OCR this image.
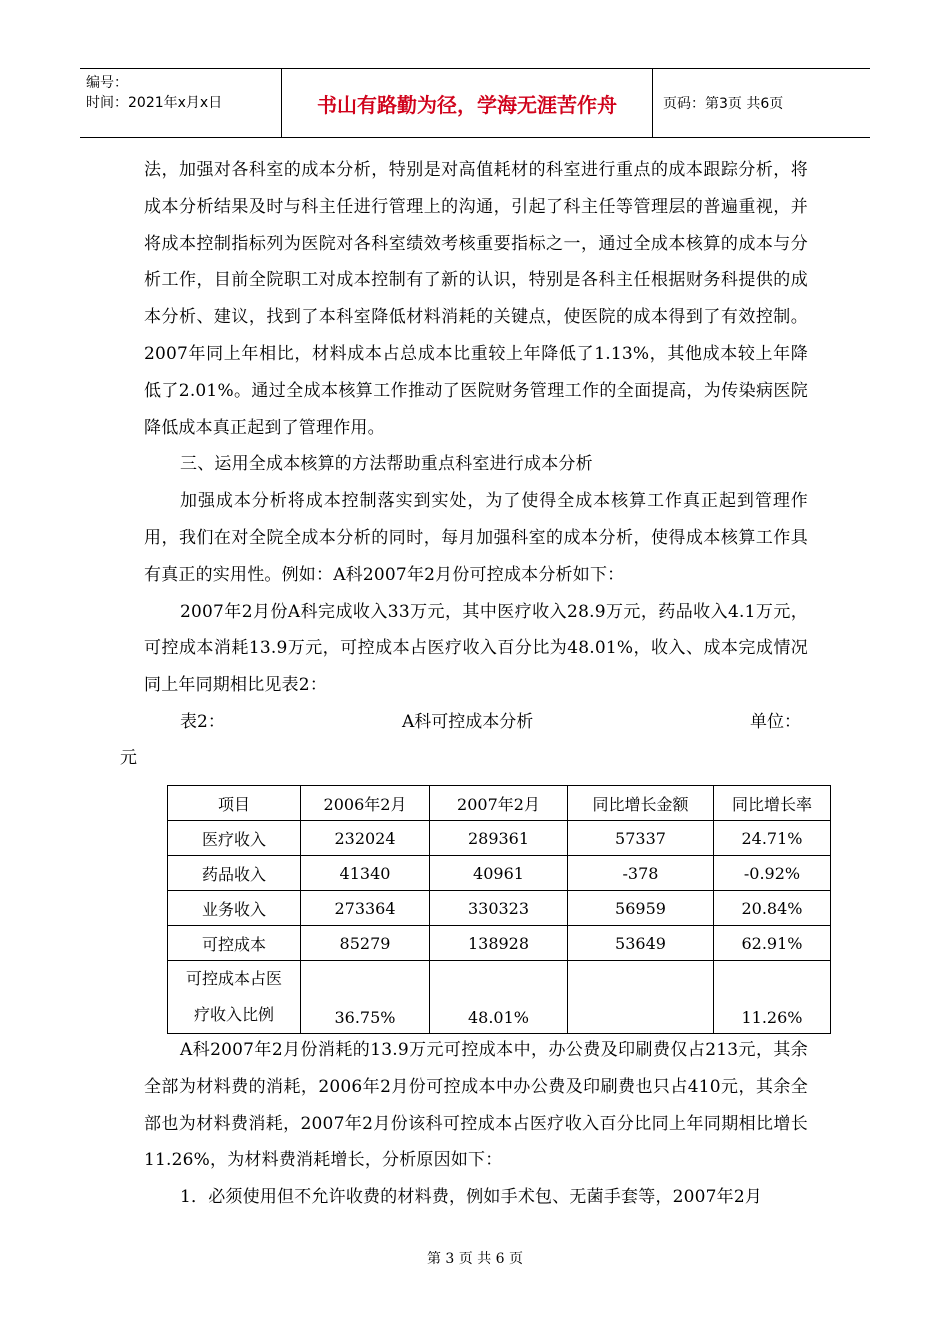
编号：
时间：2021年x月x日	书山有路勤为径，学海无涯苦作舟	页码：第3页 共6页

法，加强对各科室的成本分析，特别是对高值耗材的科室进行重点的成本跟踪分析，将成本分析结果及时与科主任进行管理上的沟通，引起了科主任等管理层的普遍重视，并将成本控制指标列为医院对各科室绩效考核重要指标之一，通过全成本核算的成本与分析工作，目前全院职工对成本控制有了新的认识，特别是各科主任根据财务科提供的成本分析、建议，找到了本科室降低材料消耗的关键点，使医院的成本得到了有效控制。2007年同上年相比，材料成本占总成本比重较上年降低了1.13%，其他成本较上年降低了2.01%。通过全成本核算工作推动了医院财务管理工作的全面提高，为传染病医院降低成本真正起到了管理作用。

三、运用全成本核算的方法帮助重点科室进行成本分析

加强成本分析将成本控制落实到实处，为了使得全成本核算工作真正起到管理作用，我们在对全院全成本分析的同时，每月加强科室的成本分析，使得成本核算工作具有真正的实用性。例如：A科2007年2月份可控成本分析如下：

2007年2月份A科完成收入33万元，其中医疗收入28.9万元，药品收入4.1万元，可控成本消耗13.9万元，可控成本占医疗收入百分比为48.01%，收入、成本完成情况同上年同期相比见表2：

表2：	A科可控成本分析	单位：

元

项目	2006年2月	2007年2月	同比增长金额	同比增长率
医疗收入	232024	289361	57337	24.71%
药品收入	41340	40961	-378	-0.92%
业务收入	273364	330323	56959	20.84%
可控成本	85279	138928	53649	62.91%

可控成本占医
疗收入比例	36.75%	48.01%		11.26%

A科2007年2月份消耗的13.9万元可控成本中，办公费及印刷费仅占213元，其余全部为材料费的消耗，2006年2月份可控成本中办公费及印刷费也只占410元，其余全部也为材料费消耗，2007年2月份该科可控成本占医疗收入百分比同上年同期相比增长11.26%，为材料费消耗增长，分析原因如下：

1．必须使用但不允许收费的材料费，例如手术包、无菌手套等，2007年2月

第 3 页 共 6 页
